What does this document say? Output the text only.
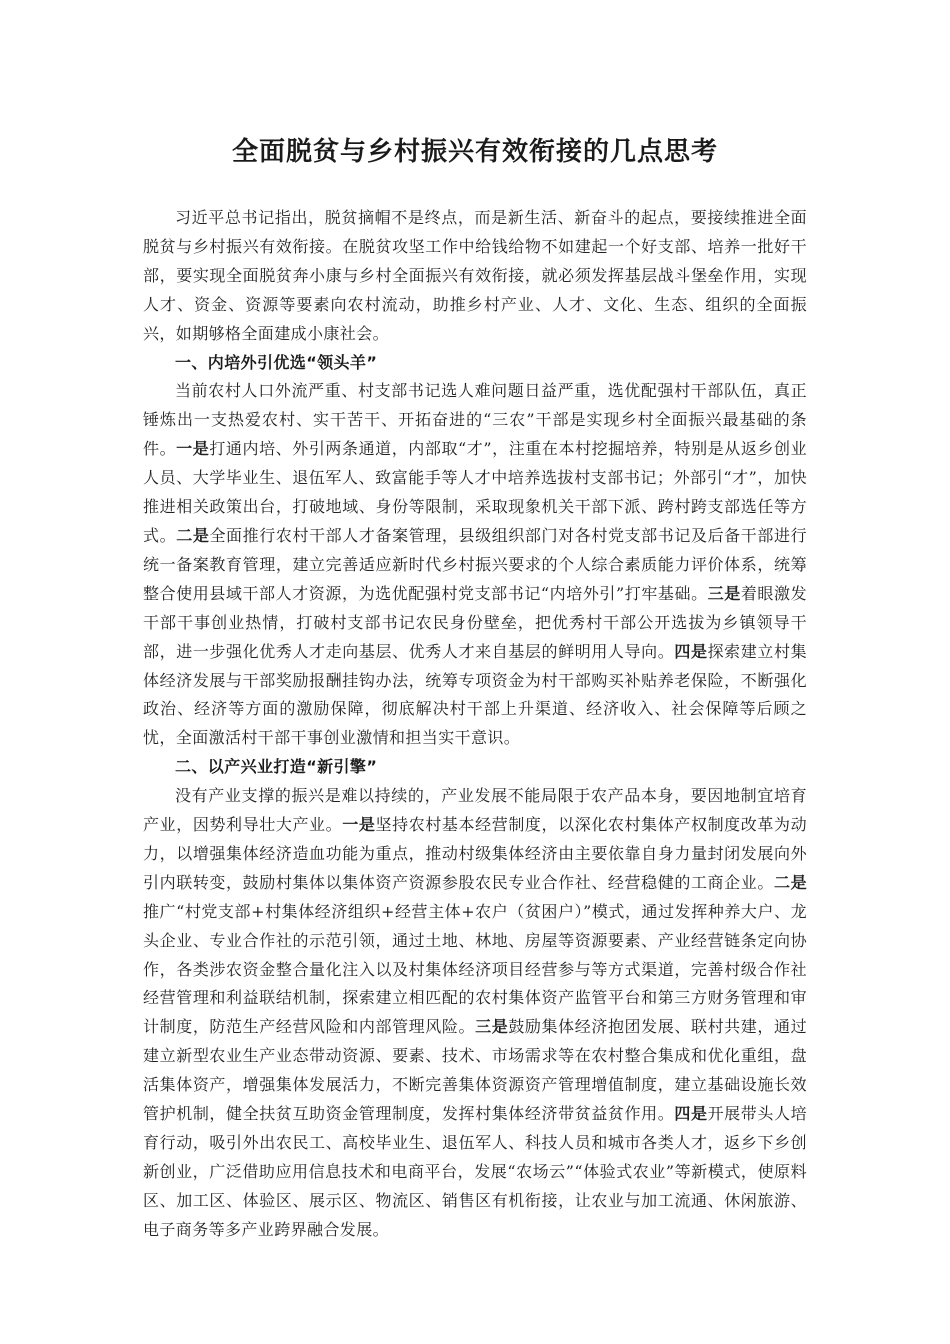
全面脱贫与乡村振兴有效衔接的几点思考

习近平总书记指出，脱贫摘帽不是终点，而是新生活、新奋斗的起点，要接续推进全面脱贫与乡村振兴有效衔接。在脱贫攻坚工作中给钱给物不如建起一个好支部、培养一批好干部，要实现全面脱贫奔小康与乡村全面振兴有效衔接，就必须发挥基层战斗堡垒作用，实现人才、资金、资源等要素向农村流动，助推乡村产业、人才、文化、生态、组织的全面振兴，如期够格全面建成小康社会。

一、内培外引优选“领头羊”

当前农村人口外流严重、村支部书记选人难问题日益严重，选优配强村干部队伍，真正锤炼出一支热爱农村、实干苦干、开拓奋进的“三农”干部是实现乡村全面振兴最基础的条件。一是打通内培、外引两条通道，内部取“才”，注重在本村挖掘培养，特别是从返乡创业人员、大学毕业生、退伍军人、致富能手等人才中培养选拔村支部书记；外部引“才”，加快推进相关政策出台，打破地域、身份等限制，采取现象机关干部下派、跨村跨支部选任等方式。二是全面推行农村干部人才备案管理，县级组织部门对各村党支部书记及后备干部进行统一备案教育管理，建立完善适应新时代乡村振兴要求的个人综合素质能力评价体系，统筹整合使用县域干部人才资源，为选优配强村党支部书记“内培外引”打牢基础。三是着眼激发干部干事创业热情，打破村支部书记农民身份壁垒，把优秀村干部公开选拔为乡镇领导干部，进一步强化优秀人才走向基层、优秀人才来自基层的鲜明用人导向。四是探索建立村集体经济发展与干部奖励报酬挂钩办法，统筹专项资金为村干部购买补贴养老保险，不断强化政治、经济等方面的激励保障，彻底解决村干部上升渠道、经济收入、社会保障等后顾之忧，全面激活村干部干事创业激情和担当实干意识。

二、以产兴业打造“新引擎”

没有产业支撑的振兴是难以持续的，产业发展不能局限于农产品本身，要因地制宜培育产业，因势利导壮大产业。一是坚持农村基本经营制度，以深化农村集体产权制度改革为动力，以增强集体经济造血功能为重点，推动村级集体经济由主要依靠自身力量封闭发展向外引内联转变，鼓励村集体以集体资产资源参股农民专业合作社、经营稳健的工商企业。二是推广“村党支部+村集体经济组织+经营主体+农户（贫困户）”模式，通过发挥种养大户、龙头企业、专业合作社的示范引领，通过土地、林地、房屋等资源要素、产业经营链条定向协作，各类涉农资金整合量化注入以及村集体经济项目经营参与等方式渠道，完善村级合作社经营管理和利益联结机制，探索建立相匹配的农村集体资产监管平台和第三方财务管理和审计制度，防范生产经营风险和内部管理风险。三是鼓励集体经济抱团发展、联村共建，通过建立新型农业生产业态带动资源、要素、技术、市场需求等在农村整合集成和优化重组，盘活集体资产，增强集体发展活力，不断完善集体资源资产管理增值制度，建立基础设施长效管护机制，健全扶贫互助资金管理制度，发挥村集体经济带贫益贫作用。四是开展带头人培育行动，吸引外出农民工、高校毕业生、退伍军人、科技人员和城市各类人才，返乡下乡创新创业，广泛借助应用信息技术和电商平台，发展“农场云”“体验式农业”等新模式，使原料区、加工区、体验区、展示区、物流区、销售区有机衔接，让农业与加工流通、休闲旅游、电子商务等多产业跨界融合发展。
